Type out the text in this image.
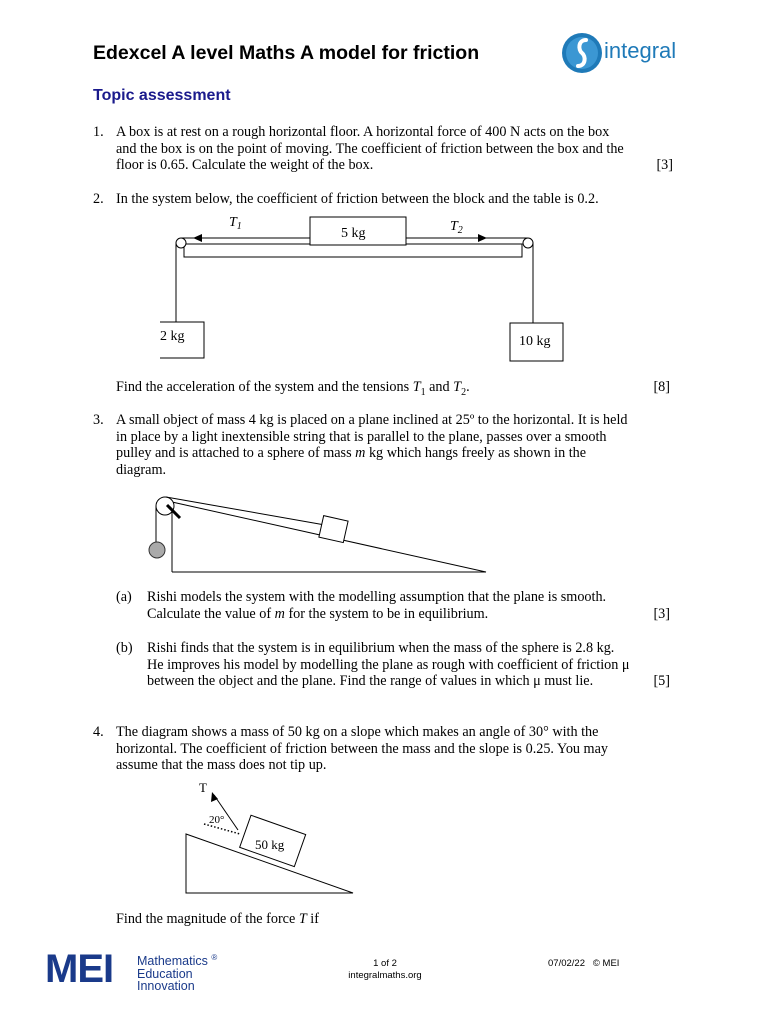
Edexcel A level Maths A model for friction
Topic assessment
integral
1. A box is at rest on a rough horizontal floor. A horizontal force of 400 N acts on the box
and the box is on the point of moving. The coefficient of friction between the box and the
floor is 0.65. Calculate the weight of the box.	[3]
2. In the system below, the coefficient of friction between the block and the table is 0.2.
5 kg
$T_1$	$T_2$
2 kg	10 kg
Find the acceleration of the system and the tensions $T_1$ and $T_2$.	[8]
3. A small object of mass 4 kg is placed on a plane inclined at 25º to the horizontal. It is held
in place by a light inextensible string that is parallel to the plane, passes over a smooth
pulley and is attached to a sphere of mass m kg which hangs freely as shown in the
diagram.
(a) Rishi models the system with the modelling assumption that the plane is smooth.
Calculate the value of m for the system to be in equilibrium.	[3]
(b) Rishi finds that the system is in equilibrium when the mass of the sphere is 2.8 kg.
He improves his model by modelling the plane as rough with coefficient of friction μ
between the object and the plane. Find the range of values in which μ must lie.	[5]
4. The diagram shows a mass of 50 kg on a slope which makes an angle of 30° with the
horizontal. The coefficient of friction between the mass and the slope is 0.25. You may
assume that the mass does not tip up.
50 kg
T
20°
Find the magnitude of the force T if
MEI Mathematics ®
Education
Innovation
1 of 2
integralmaths.org
07/02/22 © MEI
